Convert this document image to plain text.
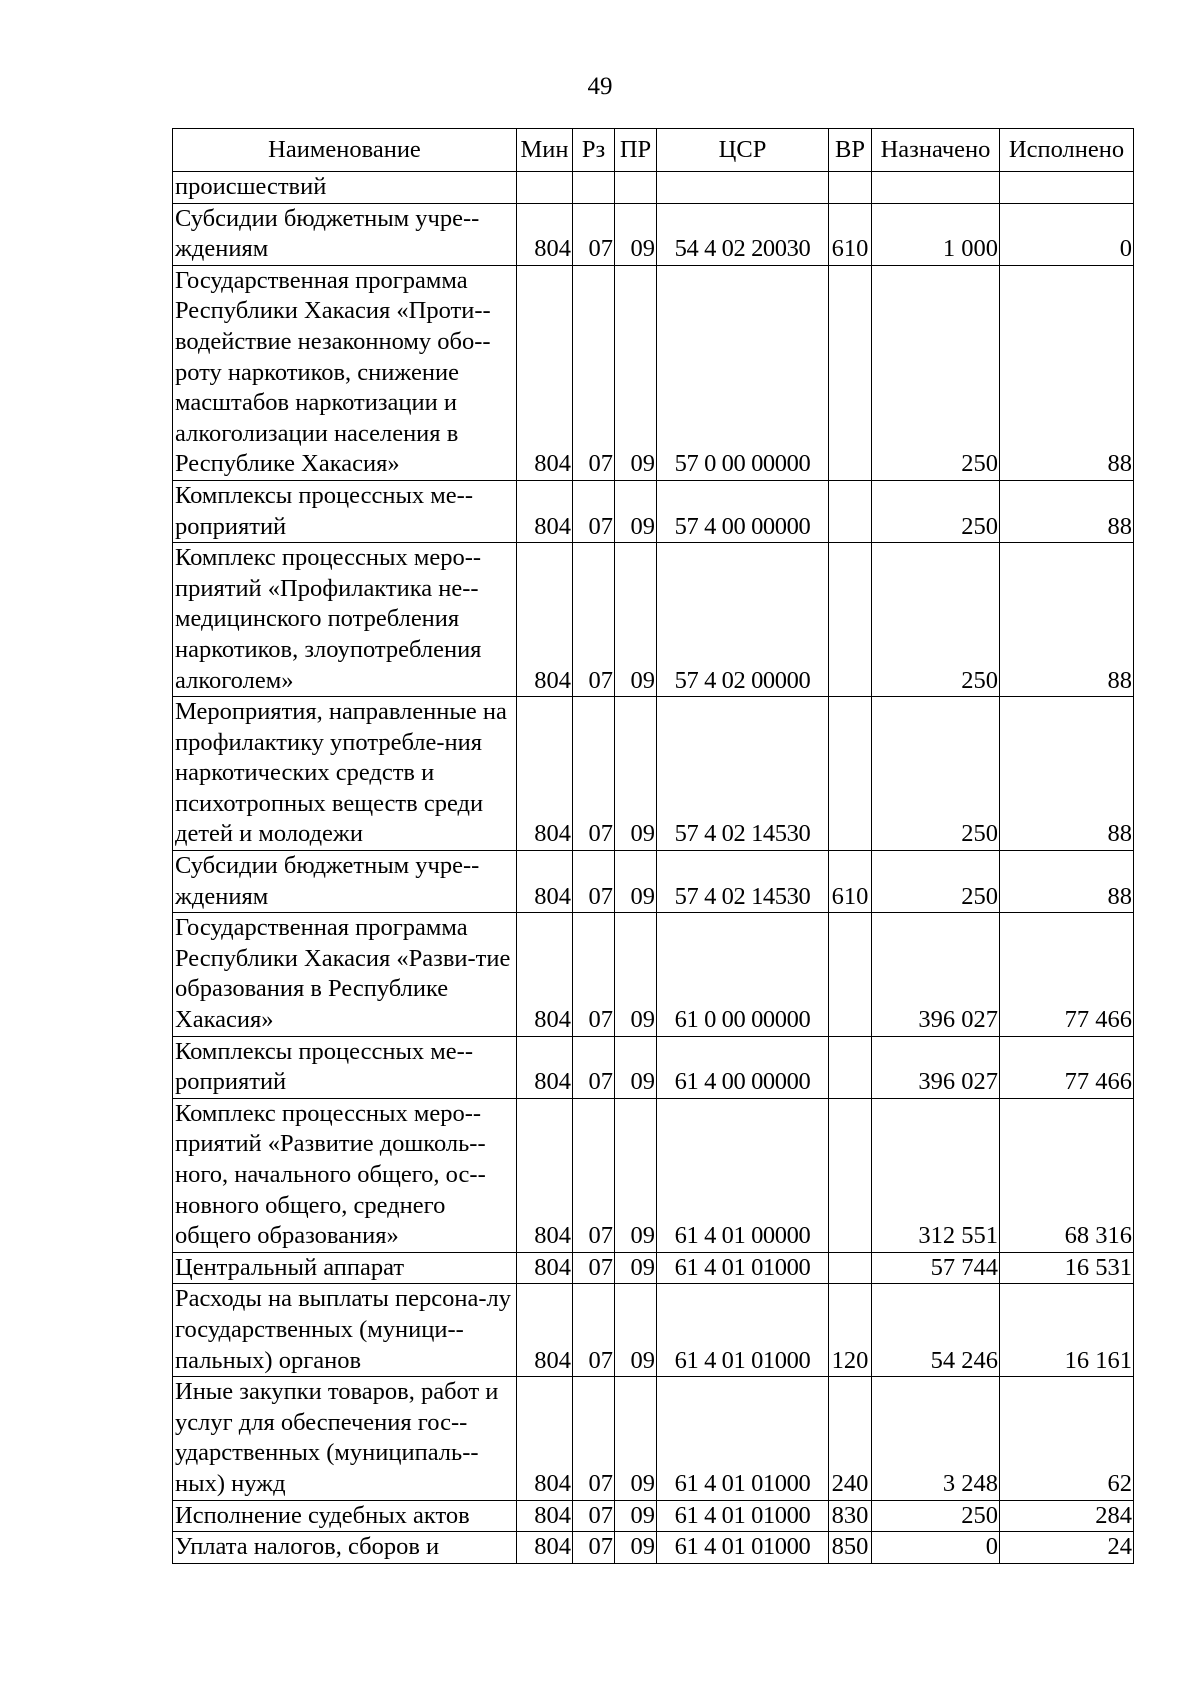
49
Наименование	Мин	Рз	ПР	ЦСР	ВР	Назначено	Исполнено
происшествий							
Субсидии бюджетным учре-ждениям	804	07	09	54 4 02 20030	610	1 000	0
Государственная программа Республики Хакасия «Проти-водействие незаконному обо-роту наркотиков, снижение масштабов наркотизации и алкоголизации населения в Республике Хакасия»	804	07	09	57 0 00 00000		250	88
Комплексы процессных ме-роприятий	804	07	09	57 4 00 00000		250	88
Комплекс процессных меро-приятий «Профилактика не-медицинского потребления наркотиков, злоупотребления алкоголем»	804	07	09	57 4 02 00000		250	88
Мероприятия, направленные на профилактику употребле-ния наркотических средств и психотропных веществ среди детей и молодежи	804	07	09	57 4 02 14530		250	88
Субсидии бюджетным учре-ждениям	804	07	09	57 4 02 14530	610	250	88
Государственная программа Республики Хакасия «Разви-тие образования в Республике Хакасия»	804	07	09	61 0 00 00000		396 027	77 466
Комплексы процессных ме-роприятий	804	07	09	61 4 00 00000		396 027	77 466
Комплекс процессных меро-приятий «Развитие дошколь-ного, начального общего, ос-новного общего, среднего общего образования»	804	07	09	61 4 01 00000		312 551	68 316
Центральный аппарат	804	07	09	61 4 01 01000		57 744	16 531
Расходы на выплаты персона-лу государственных (муници-пальных) органов	804	07	09	61 4 01 01000	120	54 246	16 161
Иные закупки товаров, работ и услуг для обеспечения гос-ударственных (муниципаль-ных) нужд	804	07	09	61 4 01 01000	240	3 248	62
Исполнение судебных актов	804	07	09	61 4 01 01000	830	250	284
Уплата налогов, сборов и	804	07	09	61 4 01 01000	850	0	24
